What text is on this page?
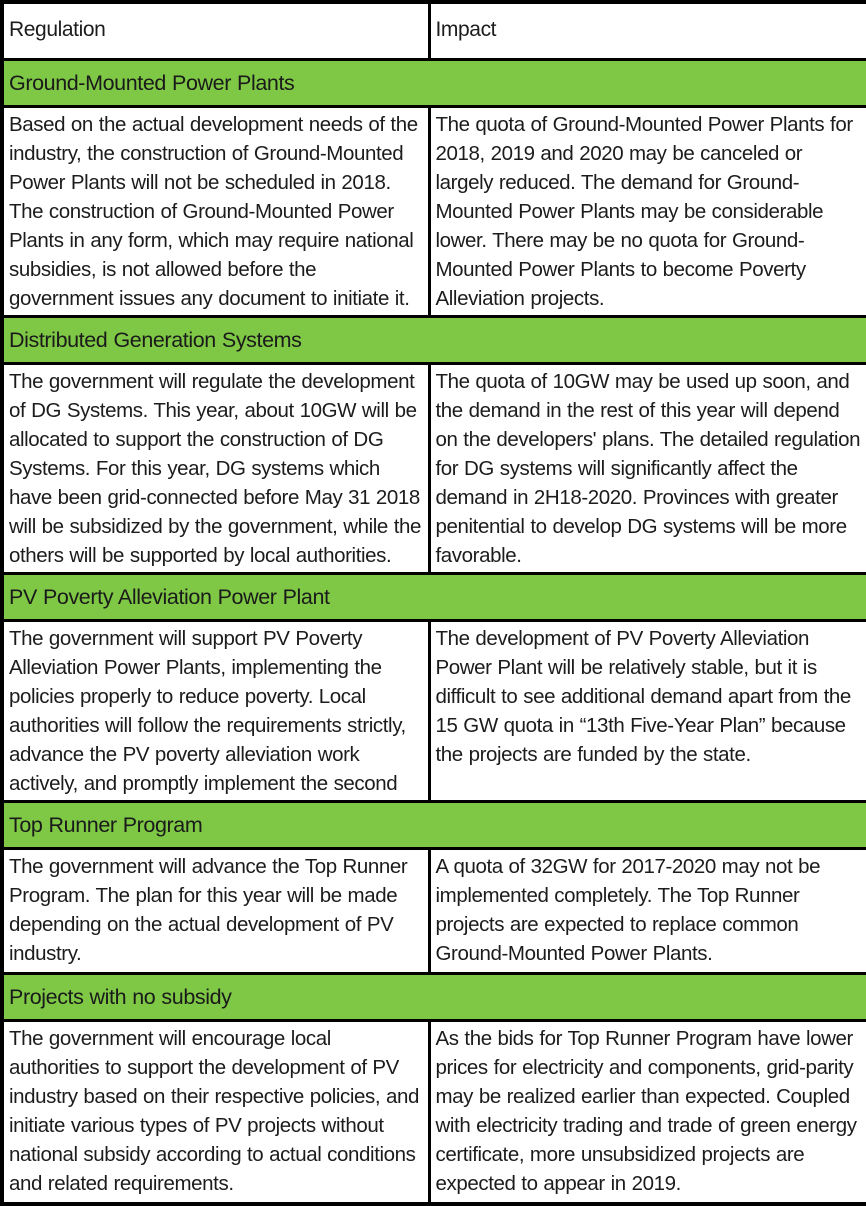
Regulation	Impact
Ground-Mounted Power Plants	
Based on the actual development needs of the industry, the construction of Ground-Mounted Power Plants will not be scheduled in 2018. The construction of Ground-Mounted Power Plants in any form, which may require national subsidies, is not allowed before the government issues any document to initiate it.	The quota of Ground-Mounted Power Plants for 2018, 2019 and 2020 may be canceled or largely reduced. The demand for Ground-Mounted Power Plants may be considerable lower. There may be no quota for Ground-Mounted Power Plants to become Poverty Alleviation projects.
Distributed Generation Systems	
The government will regulate the development of DG Systems. This year, about 10GW will be allocated to support the construction of DG Systems. For this year, DG systems which have been grid-connected before May 31 2018 will be subsidized by the government, while the others will be supported by local authorities.	The quota of 10GW may be used up soon, and the demand in the rest of this year will depend on the developers' plans. The detailed regulation for DG systems will significantly affect the demand in 2H18-2020. Provinces with greater penitential to develop DG systems will be more favorable.
PV Poverty Alleviation Power Plant	
The government will support PV Poverty Alleviation Power Plants, implementing the policies properly to reduce poverty. Local authorities will follow the requirements strictly, advance the PV poverty alleviation work actively, and promptly implement the second	The development of PV Poverty Alleviation Power Plant will be relatively stable, but it is difficult to see additional demand apart from the 15 GW quota in “13th Five-Year Plan” because the projects are funded by the state.
Top Runner Program	
The government will advance the Top Runner Program. The plan for this year will be made depending on the actual development of PV industry.	A quota of 32GW for 2017-2020 may not be implemented completely. The Top Runner projects are expected to replace common Ground-Mounted Power Plants.
Projects with no subsidy	
The government will encourage local authorities to support the development of PV industry based on their respective policies, and initiate various types of PV projects without national subsidy according to actual conditions and related requirements.	As the bids for Top Runner Program have lower prices for electricity and components, grid-parity may be realized earlier than expected. Coupled with electricity trading and trade of green energy certificate, more unsubsidized projects are expected to appear in 2019.
